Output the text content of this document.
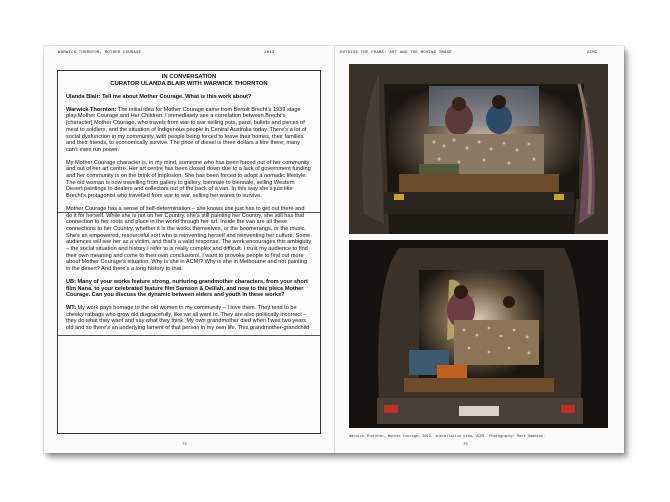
WARWICK THORNTON, MOTHER COURAGE	2013
IN CONVERSATION
CURATOR ULANDA BLAIR WITH WARWICK THORNTON

Ulanda Blair: Tell me about Mother Courage. What is this work about?

Warwick Thornton: The initial idea for Mother Courage came from Bertolt Brecht’s 1939 stage play Mother Courage and Her Children. I immediately see a correlation between Brecht’s [character] Mother Courage, who travels from war to war selling pots, pans, bullets and pieces of meat to soldiers, and the situation of Indigenous people in Central Australia today. There’s a lot of social dysfunction in my community, with people being forced to leave their homes, their families and their friends, to economically survive. The price of diesel is three dollars a litre there; many can’t even run power.

My Mother Courage character is, in my mind, someone who has been forced out of her community and out of her art centre. Her art centre has been closed down due to a lack of government funding and her community is on the brink of implosion. She has been forced to adopt a nomadic lifestyle. The old woman is now travelling from gallery to gallery, biennale to biennale, selling Western Desert paintings to dealers and collectors out of the back of a van. In this way she’s just like Brecht’s protagonist who travelled from war to war, selling her wares to survive.

Mother Courage has a sense of self-determination – she knows she just has to get out there and do it for herself. While she is not on her Country, she’s still painting her Country, she still has that connection to her roots and place in the world through her art. Inside the van are all these connections to her Country, whether it is the works themselves, or the boomerangs, or the music. She’s an empowered, resourceful sort who is reinventing herself and reinventing her culture. Some audiences will see her as a victim, and that’s a valid response. The work encourages this ambiguity – the social situation and history I refer to is really complex and difficult. I trust my audience to find their own meaning and come to their own conclusions. I want to provoke people to find out more about Mother Courage’s situation. Why is she in ACMI? Why is she in Melbourne and not painting in the desert? And there’s a long history to that.

UB: Many of your works feature strong, nurturing grandmother characters, from your short film Nana, to your celebrated feature film Samson & Delilah, and now to this piece Mother Courage. Can you discuss the dynamic between elders and youth in these works?

WT: My work pays homage to the old women in my community – I love them. They tend to be cheeky ratbags who grow old disgracefully, like we all want to. They are also politically incorrect – they do what they want and say what they think. My own grandmother died when I was two years old and so there’s an underlying lament of that person in my own life. This grandmother-grandchild

74
OUTSIDE THE FRAME: ART AND THE MOVING IMAGE	ACMI
Warwick Thornton, Mother Courage, 2012, installation view, ACMI. Photography: Mark Gambino.
75
